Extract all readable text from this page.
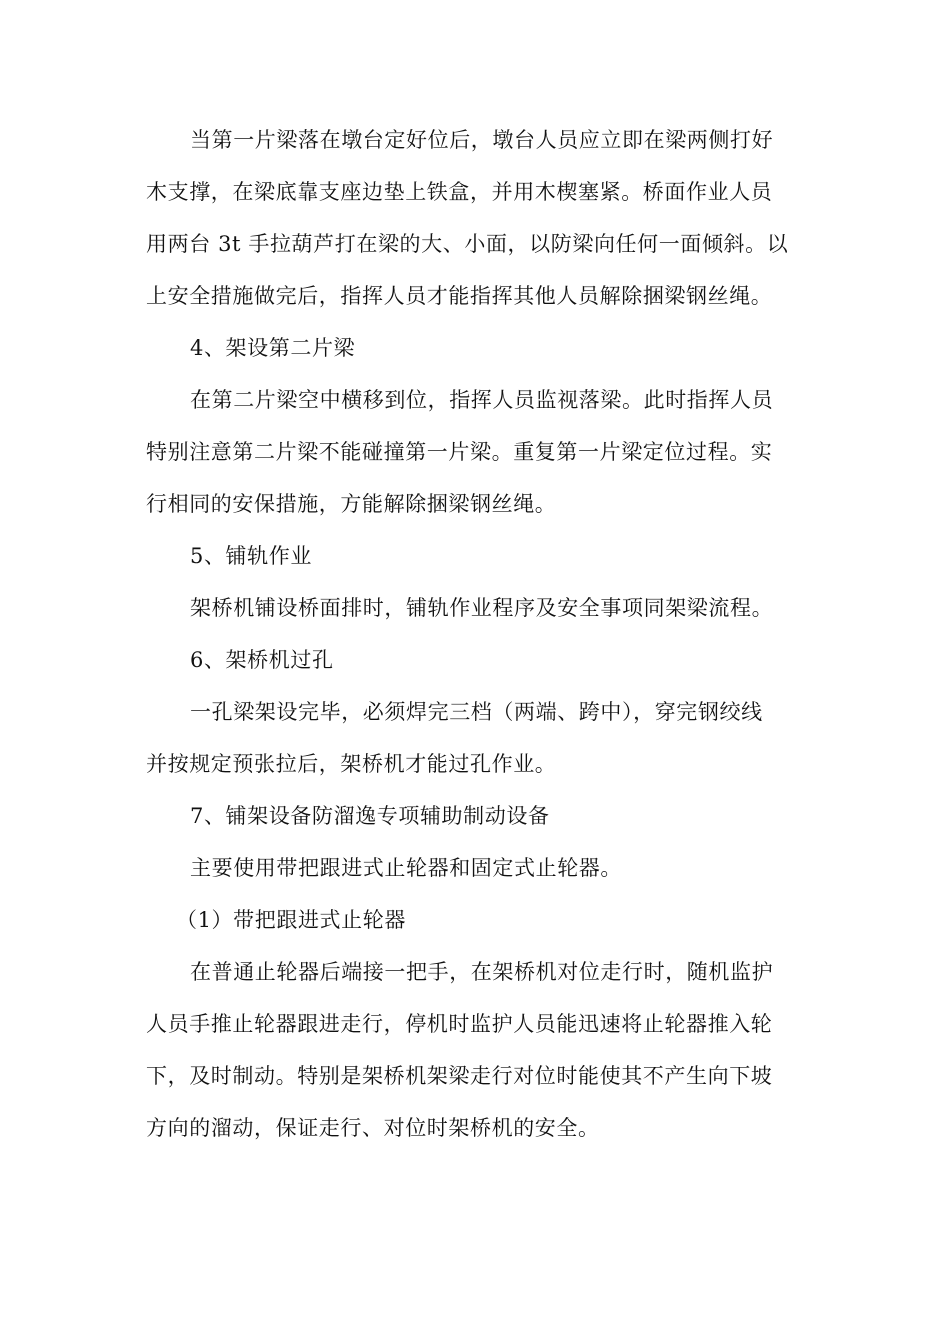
当第一片梁落在墩台定好位后，墩台人员应立即在梁两侧打好
木支撑，在梁底靠支座边垫上铁盒，并用木楔塞紧。桥面作业人员
用两台 3t 手拉葫芦打在梁的大、小面，以防梁向任何一面倾斜。以
上安全措施做完后，指挥人员才能指挥其他人员解除捆梁钢丝绳。

4、架设第二片梁

在第二片梁空中横移到位，指挥人员监视落梁。此时指挥人员
特别注意第二片梁不能碰撞第一片梁。重复第一片梁定位过程。实
行相同的安保措施，方能解除捆梁钢丝绳。

5、铺轨作业

架桥机铺设桥面排时，铺轨作业程序及安全事项同架梁流程。

6、架桥机过孔

一孔梁架设完毕，必须焊完三档（两端、跨中），穿完钢绞线
并按规定预张拉后，架桥机才能过孔作业。

7、铺架设备防溜逸专项辅助制动设备

主要使用带把跟进式止轮器和固定式止轮器。

（1）带把跟进式止轮器

在普通止轮器后端接一把手，在架桥机对位走行时，随机监护
人员手推止轮器跟进走行，停机时监护人员能迅速将止轮器推入轮
下，及时制动。特别是架桥机架梁走行对位时能使其不产生向下坡
方向的溜动，保证走行、对位时架桥机的安全。
